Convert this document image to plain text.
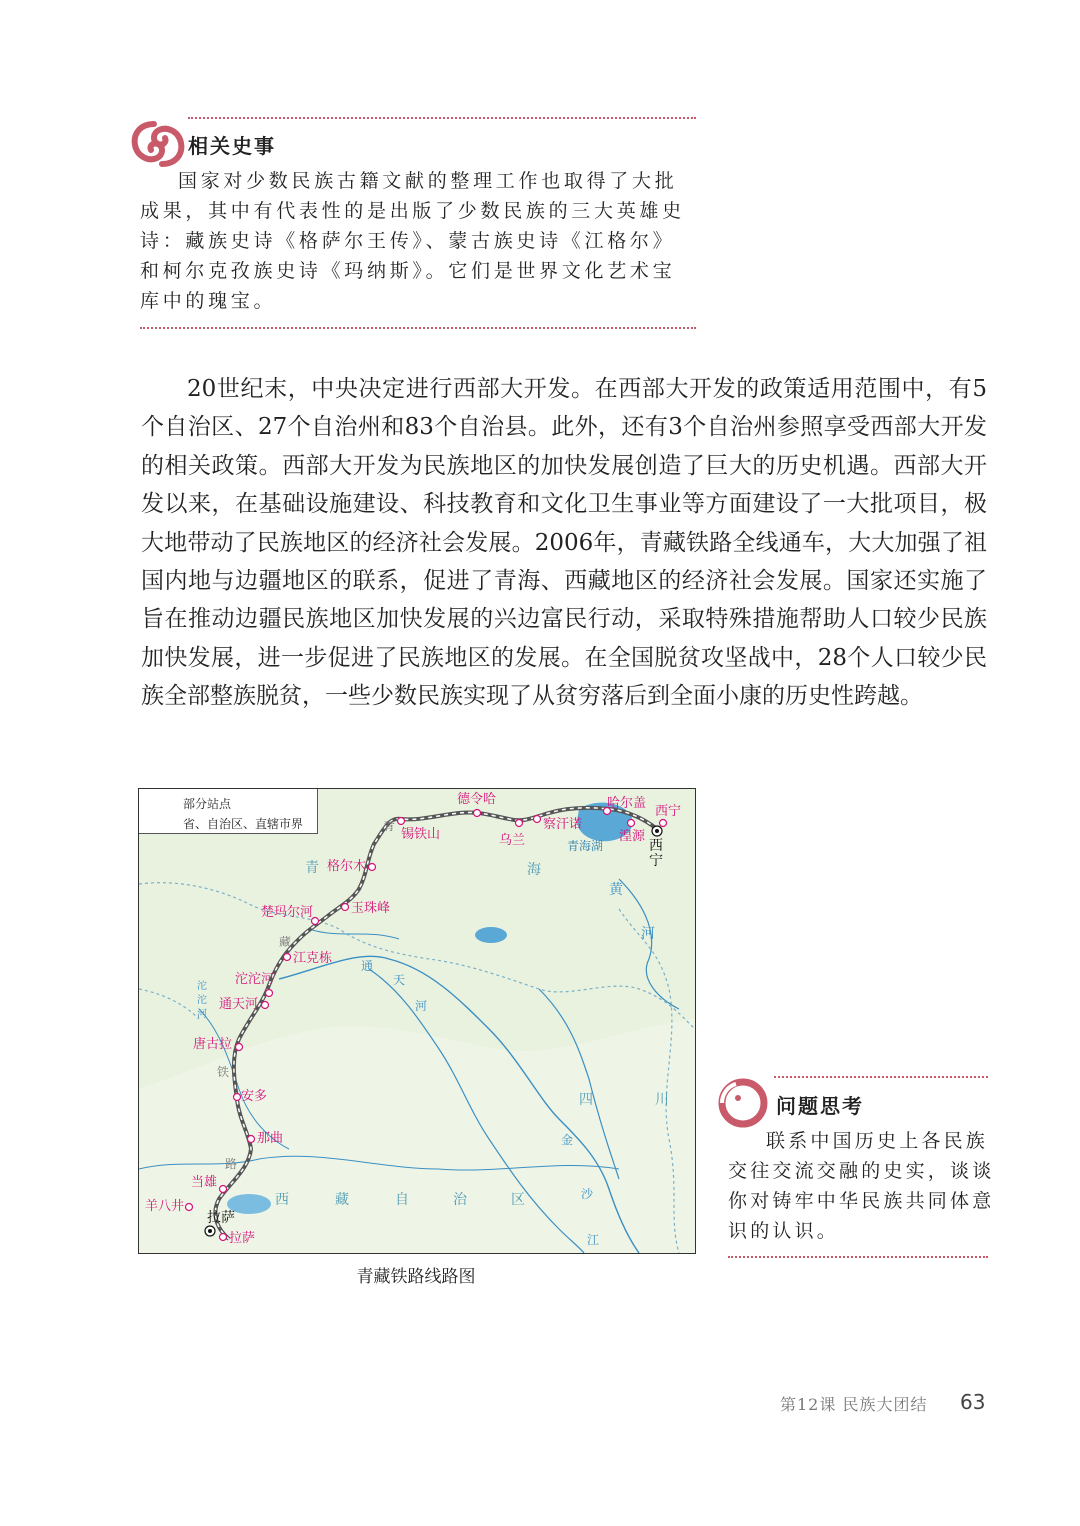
相关史事

国家对少数民族古籍文献的整理工作也取得了大批成果，其中有代表性的是出版了少数民族的三大英雄史诗：藏族史诗《格萨尔王传》、蒙古族史诗《江格尔》和柯尔克孜族史诗《玛纳斯》。它们是世界文化艺术宝库中的瑰宝。

20世纪末，中央决定进行西部大开发。在西部大开发的政策适用范围中，有5个自治区、27个自治州和83个自治县。此外，还有3个自治州参照享受西部大开发的相关政策。西部大开发为民族地区的加快发展创造了巨大的历史机遇。西部大开发以来，在基础设施建设、科技教育和文化卫生事业等方面建设了一大批项目，极大地带动了民族地区的经济社会发展。2006年，青藏铁路全线通车，大大加强了祖国内地与边疆地区的联系，促进了青海、西藏地区的经济社会发展。国家还实施了旨在推动边疆民族地区加快发展的兴边富民行动，采取特殊措施帮助人口较少民族加快发展，进一步促进了民族地区的发展。在全国脱贫攻坚战中，28个人口较少民族全部整族脱贫，一些少数民族实现了从贫穷落后到全面小康的历史性跨越。

部分站点
省、自治区、直辖市界
德令哈	哈尔盖
西宁
察汗诺
乌兰	湟源
锡铁山
格尔木
玉珠峰
楚玛尔河
江克栋
沱沱河
通天河
唐古拉
安多
那曲
当雄
羊八井
拉萨
西宁
拉萨
青海湖
青	海
西 藏 自 治 区
四	川
黄
河
通
天
河
金
沙
江
沱
沱
河
青
藏
铁
路
青藏铁路线路图
问题思考

联系中国历史上各民族交往交流交融的史实，谈谈你对铸牢中华民族共同体意识的认识。

第12课 民族大团结 63
